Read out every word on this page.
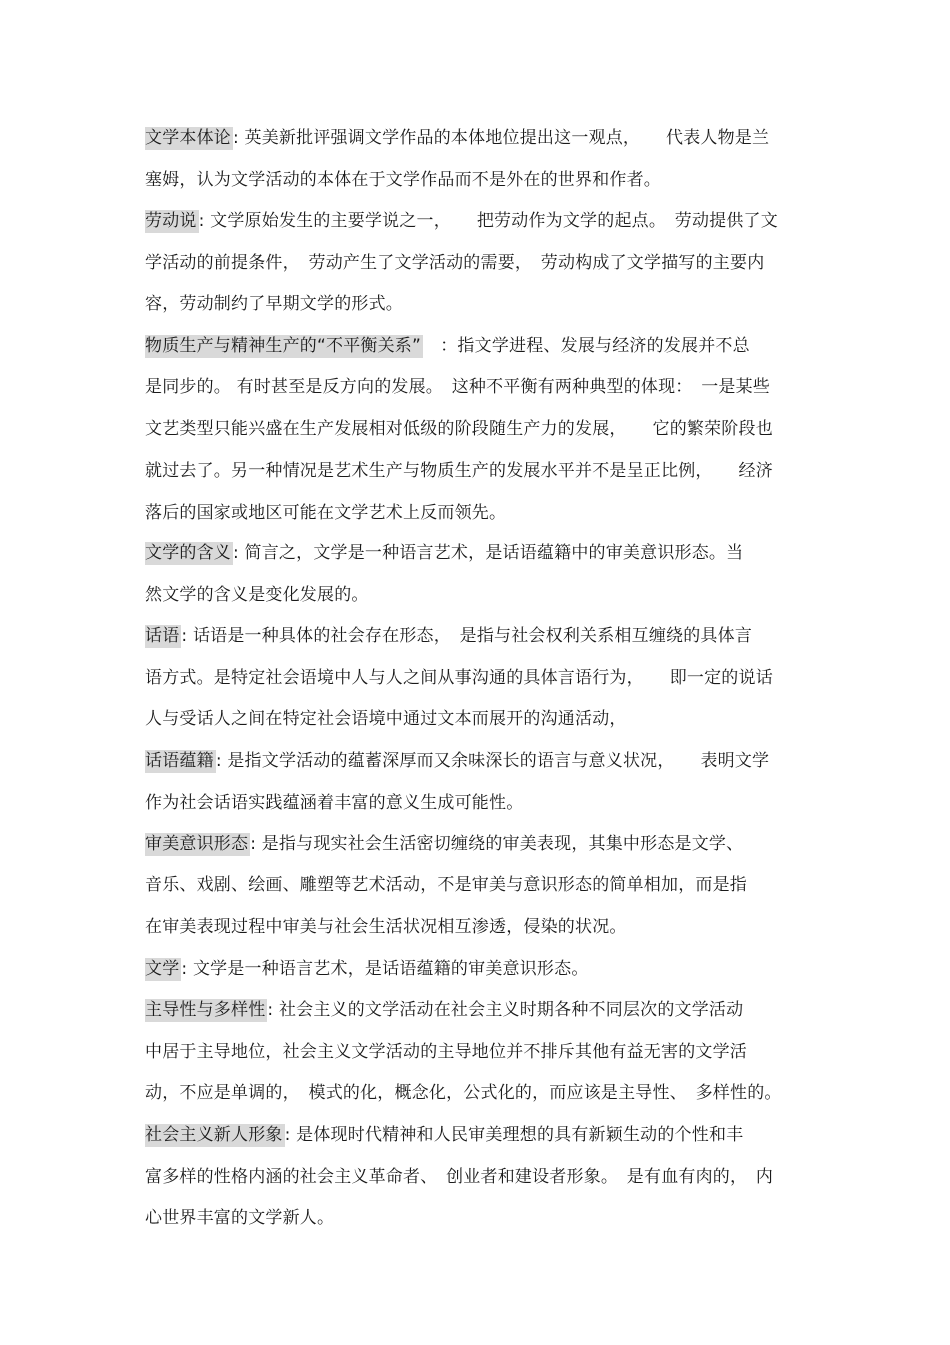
文学本体论 : 英美新批评强调文学作品的本体地位提出这一观点，　　代表人物是兰
塞姆，认为文学活动的本体在于文学作品而不是外在的世界和作者。
劳动说 : 文学原始发生的主要学说之一，　　把劳动作为文学的起点。　劳动提供了文
学活动的前提条件，　劳动产生了文学活动的需要，　劳动构成了文学描写的主要内
容，劳动制约了早期文学的形式。
物质生产与精神生产的“不平衡关系”　：指文学进程、发展与经济的发展并不总
是同步的。 有时甚至是反方向的发展。　这种不平衡有两种典型的体现：　一是某些
文艺类型只能兴盛在生产发展相对低级的阶段随生产力的发展，　　它的繁荣阶段也
就过去了。另一种情况是艺术生产与物质生产的发展水平并不是呈正比例，　　经济
落后的国家或地区可能在文学艺术上反而领先。
文学的含义 : 简言之，文学是一种语言艺术，是话语蕴籍中的审美意识形态。当
然文学的含义是变化发展的。
话语 : 话语是一种具体的社会存在形态，　是指与社会权利关系相互缠绕的具体言
语方式。是特定社会语境中人与人之间从事沟通的具体言语行为，　　即一定的说话
人与受话人之间在特定社会语境中通过文本而展开的沟通活动，
话语蕴籍 : 是指文学活动的蕴蓄深厚而又余味深长的语言与意义状况，　　表明文学
作为社会话语实践蕴涵着丰富的意义生成可能性。
审美意识形态 : 是指与现实社会生活密切缠绕的审美表现，其集中形态是文学、
音乐、戏剧、绘画、雕塑等艺术活动，不是审美与意识形态的简单相加，而是指
在审美表现过程中审美与社会生活状况相互渗透，侵染的状况。
文学 : 文学是一种语言艺术，是话语蕴籍的审美意识形态。
主导性与多样性 : 社会主义的文学活动在社会主义时期各种不同层次的文学活动
中居于主导地位，社会主义文学活动的主导地位并不排斥其他有益无害的文学活
动，不应是单调的，　模式的化，概念化，公式化的，而应该是主导性、　多样性的。
社会主义新人形象 : 是体现时代精神和人民审美理想的具有新颖生动的个性和丰
富多样的性格内涵的社会主义革命者、　创业者和建设者形象。　是有血有肉的，　内
心世界丰富的文学新人。
